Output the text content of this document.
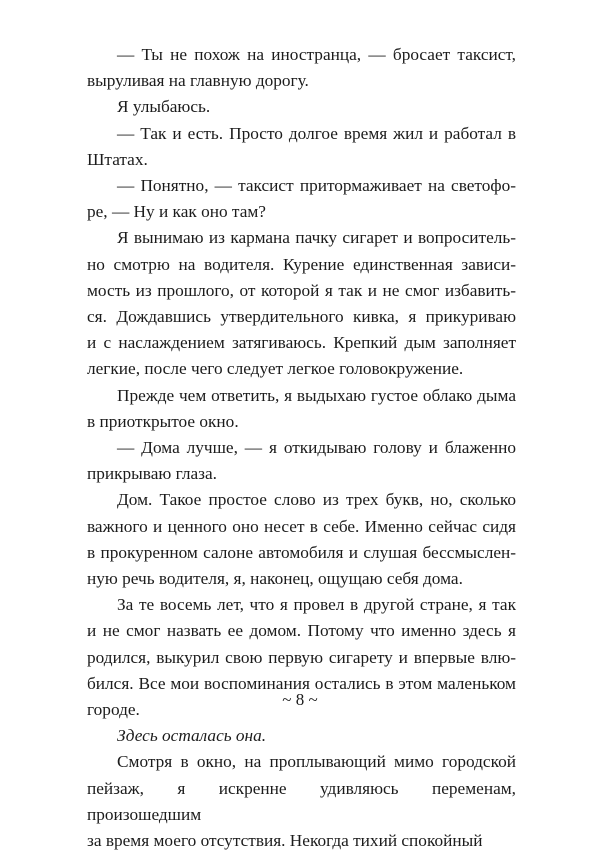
— Ты не похож на иностранца, — бросает таксист,
выруливая на главную дорогу.
Я улыбаюсь.
— Так и есть. Просто долгое время жил и работал в
Штатах.
— Понятно, — таксист притормаживает на светофо-
ре, — Ну и как оно там?
Я вынимаю из кармана пачку сигарет и вопроситель-
но смотрю на водителя. Курение единственная зависи-
мость из прошлого, от которой я так и не смог избавить-
ся. Дождавшись утвердительного кивка, я прикуриваю
и с наслаждением затягиваюсь. Крепкий дым заполняет
легкие, после чего следует легкое головокружение.
Прежде чем ответить, я выдыхаю густое облако дыма
в приоткрытое окно.
— Дома лучше, — я откидываю голову и блаженно
прикрываю глаза.
Дом. Такое простое слово из трех букв, но, сколько
важного и ценного оно несет в себе. Именно сейчас сидя
в прокуренном салоне автомобиля и слушая бессмыслен-
ную речь водителя, я, наконец, ощущаю себя дома.
За те восемь лет, что я провел в другой стране, я так
и не смог назвать ее домом. Потому что именно здесь я
родился, выкурил свою первую сигарету и впервые влю-
бился. Все мои воспоминания остались в этом маленьком
городе.
Здесь осталась она.
Смотря в окно, на проплывающий мимо городской
пейзаж, я искренне удивляюсь переменам, произошедшим
за время моего отсутствия. Некогда тихий спокойный
~ 8 ~
